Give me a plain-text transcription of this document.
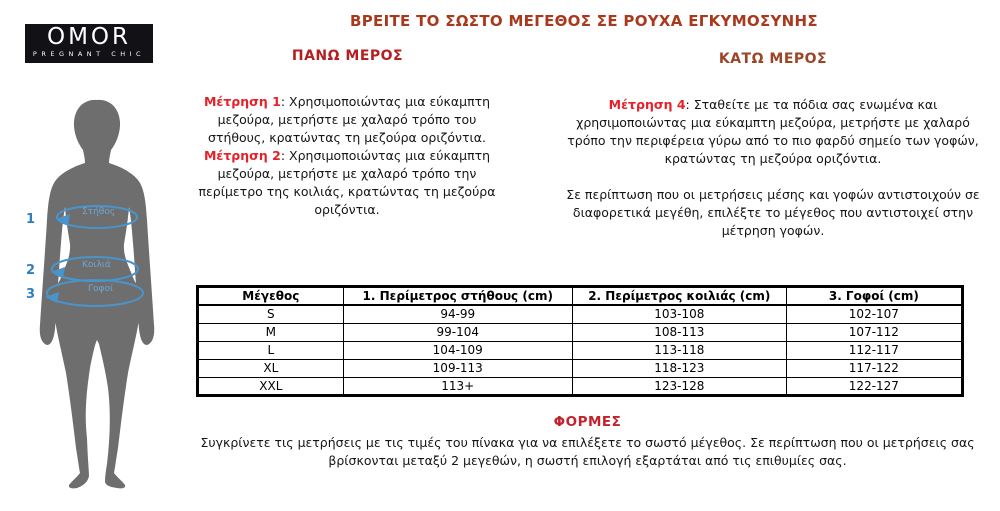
OMOR
PREGNANT CHIC
ΒΡΕΙΤΕ ΤΟ ΣΩΣΤΟ ΜΕΓΕΘΟΣ ΣΕ ΡΟΥΧΑ ΕΓΚΥΜΟΣΥΝΗΣ
ΠΑΝΩ ΜΕΡΟΣ	ΚΑΤΩ ΜΕΡΟΣ
Μέτρηση 1: Χρησιμοποιώντας μια εύκαμπτη μεζούρα, μετρήστε με χαλαρό τρόπο του στήθους, κρατώντας τη μεζούρα οριζόντια.
Μέτρηση 2: Χρησιμοποιώντας μια εύκαμπτη μεζούρα, μετρήστε με χαλαρό τρόπο την περίμετρο της κοιλιάς, κρατώντας τη μεζούρα οριζόντια.
Μέτρηση 4: Σταθείτε με τα πόδια σας ενωμένα και χρησιμοποιώντας μια εύκαμπτη μεζούρα, μετρήστε με χαλαρό τρόπο την περιφέρεια γύρω από το πιο φαρδύ σημείο των γοφών, κρατώντας τη μεζούρα οριζόντια.
Σε περίπτωση που οι μετρήσεις μέσης και γοφών αντιστοιχούν σε διαφορετικά μεγέθη, επιλέξτε το μέγεθος που αντιστοιχεί στην μέτρηση γοφών.
Στήθος
1
Κοιλιά
2
Γοφοί
3	Μέγεθος	1. Περίμετρος στήθους (cm)	2. Περίμετρος κοιλιάς (cm)	3. Γοφοί (cm)
S	94-99	103-108	102-107
M	99-104	108-113	107-112
L	104-109	113-118	112-117
XL	109-113	118-123	117-122
XXL	113+	123-128	122-127
ΦΟΡΜΕΣ
Συγκρίνετε τις μετρήσεις με τις τιμές του πίνακα για να επιλέξετε το σωστό μέγεθος. Σε περίπτωση που οι μετρήσεις σας βρίσκονται μεταξύ 2 μεγεθών, η σωστή επιλογή εξαρτάται από τις επιθυμίες σας.
